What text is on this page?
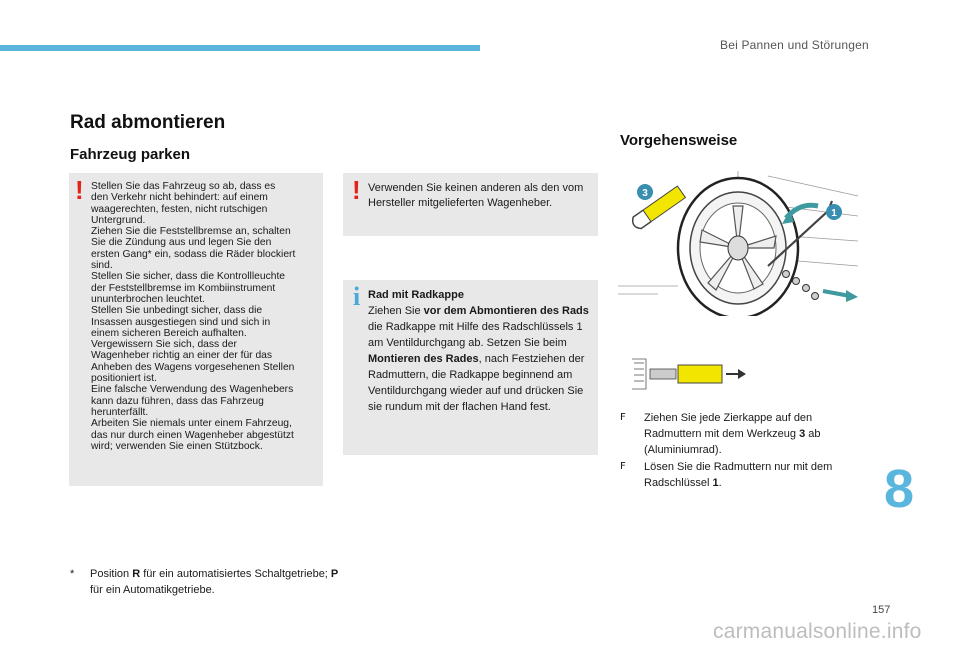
Bei Pannen und Störungen
Rad abmontieren
Fahrzeug parken
Vorgehensweise
! Stellen Sie das Fahrzeug so ab, dass es
den Verkehr nicht behindert: auf einem
waagerechten, festen, nicht rutschigen
Untergrund.
Ziehen Sie die Feststellbremse an, schalten
Sie die Zündung aus und legen Sie den
ersten Gang* ein, sodass die Räder blockiert
sind.
Stellen Sie sicher, dass die Kontrollleuchte
der Feststellbremse im Kombiinstrument
ununterbrochen leuchtet.
Stellen Sie unbedingt sicher, dass die
Insassen ausgestiegen sind und sich in
einem sicheren Bereich aufhalten.
Vergewissern Sie sich, dass der
Wagenheber richtig an einer der für das
Anheben des Wagens vorgesehenen Stellen
positioniert ist.
Eine falsche Verwendung des Wagenhebers
kann dazu führen, dass das Fahrzeug
herunterfällt.
Arbeiten Sie niemals unter einem Fahrzeug,
das nur durch einen Wagenheber abgestützt
wird; verwenden Sie einen Stützbock.
! Verwenden Sie keinen anderen als den vom Hersteller mitgelieferten Wagenheber.
i Rad mit Radkappe
Ziehen Sie vor dem Abmontieren des Rads die Radkappe mit Hilfe des Radschlüssels 1 am Ventildurchgang ab. Setzen Sie beim Montieren des Rades, nach Festziehen der Radmuttern, die Radkappe beginnend am Ventildurchgang wieder auf und drücken Sie sie rundum mit der flachen Hand fest.
3
1
F Ziehen Sie jede Zierkappe auf den Radmuttern mit dem Werkzeug 3 ab (Aluminiumrad).
F Lösen Sie die Radmuttern nur mit dem Radschlüssel 1.
* Position R für ein automatisiertes Schaltgetriebe; P für ein Automatikgetriebe.
8
157
carmanualsonline.info
